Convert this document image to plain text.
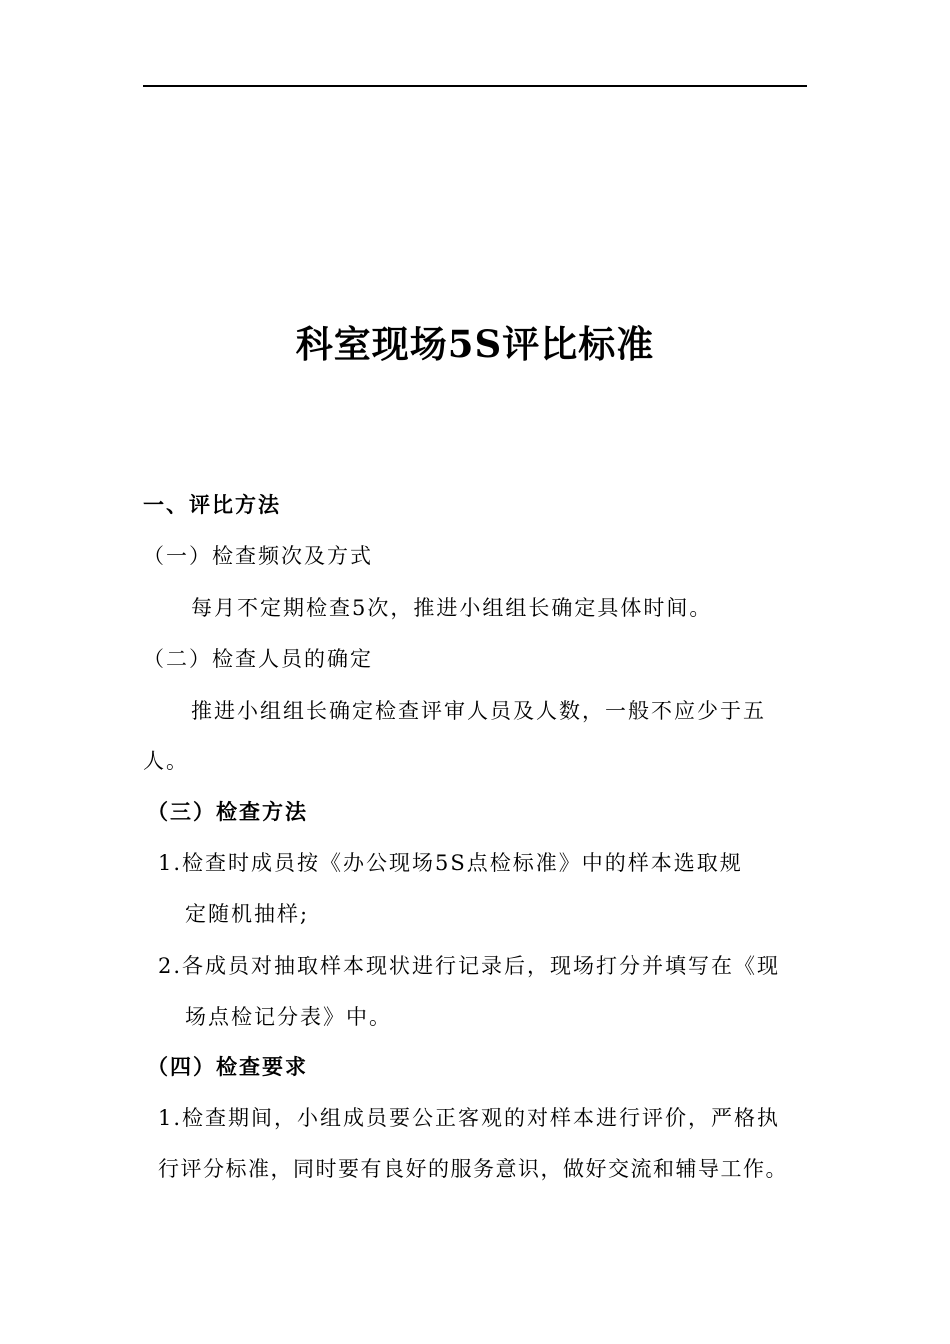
科室现场5S评比标准
一、评比方法
（一）检查频次及方式
每月不定期检查5次，推进小组组长确定具体时间。
（二）检查人员的确定
推进小组组长确定检查评审人员及人数，一般不应少于五
人。
（三）检查方法
1.检查时成员按《办公现场5S点检标准》中的样本选取规
定随机抽样;
2.各成员对抽取样本现状进行记录后，现场打分并填写在《现
场点检记分表》中。
（四）检查要求
1.检查期间，小组成员要公正客观的对样本进行评价，严格执
行评分标准，同时要有良好的服务意识，做好交流和辅导工作。
